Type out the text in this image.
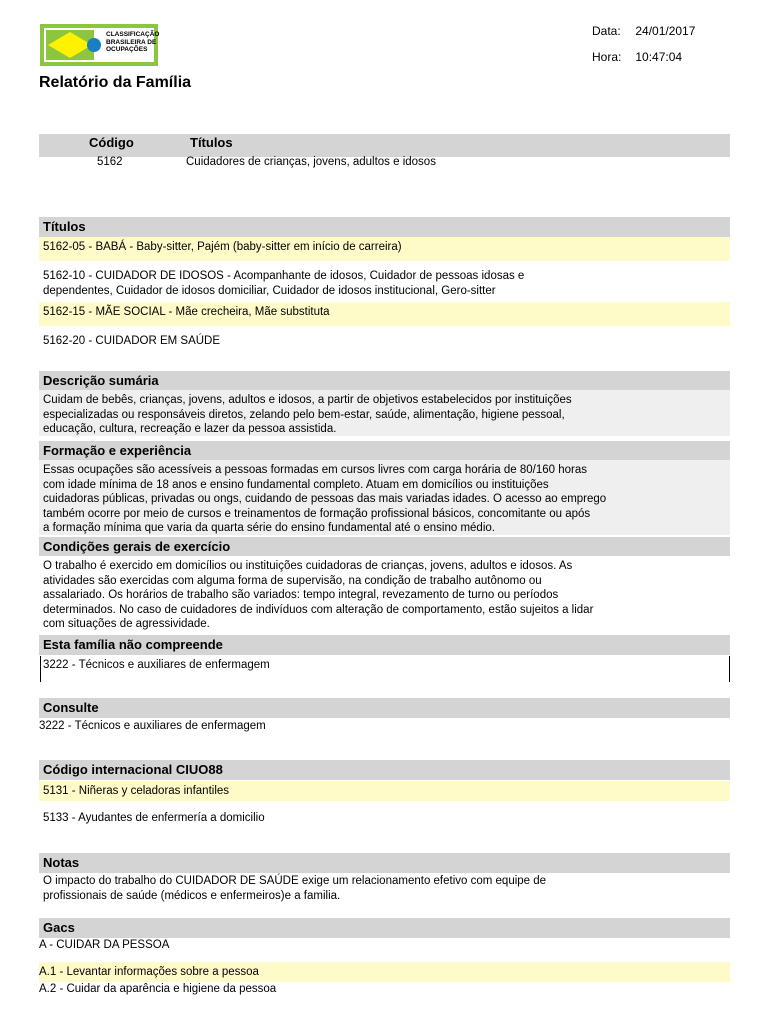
CLASSIFICAÇÃO
BRASILEIRA DE
OCUPAÇÕES
Data: 24/01/2017
Hora: 10:47:04
Relatório da Família
Código	Títulos
5162	Cuidadores de crianças, jovens, adultos e idosos
Títulos
5162-05 - BABÁ - Baby-sitter, Pajém (baby-sitter em início de carreira)
5162-10 - CUIDADOR DE IDOSOS - Acompanhante de idosos, Cuidador de pessoas idosas e
dependentes, Cuidador de idosos domiciliar, Cuidador de idosos institucional, Gero-sitter
5162-15 - MÃE SOCIAL - Mãe crecheira, Mãe substituta
5162-20 - CUIDADOR EM SAÚDE
Descrição sumária
Cuidam de bebês, crianças, jovens, adultos e idosos, a partir de objetivos estabelecidos por instituições
especializadas ou responsáveis diretos, zelando pelo bem-estar, saúde, alimentação, higiene pessoal,
educação, cultura, recreação e lazer da pessoa assistida.
Formação e experiência
Essas ocupações são acessíveis a pessoas formadas em cursos livres com carga horária de 80/160 horas
com idade mínima de 18 anos e ensino fundamental completo. Atuam em domicílios ou instituições
cuidadoras públicas, privadas ou ongs, cuidando de pessoas das mais variadas idades. O acesso ao emprego
também ocorre por meio de cursos e treinamentos de formação profissional básicos, concomitante ou após
a formação mínima que varia da quarta série do ensino fundamental até o ensino médio.
Condições gerais de exercício
O trabalho é exercido em domicílios ou instituições cuidadoras de crianças, jovens, adultos e idosos. As
atividades são exercidas com alguma forma de supervisão, na condição de trabalho autônomo ou
assalariado. Os horários de trabalho são variados: tempo integral, revezamento de turno ou períodos
determinados. No caso de cuidadores de indivíduos com alteração de comportamento, estão sujeitos a lidar
com situações de agressividade.
Esta família não compreende
3222 - Técnicos e auxiliares de enfermagem
Consulte
3222 - Técnicos e auxiliares de enfermagem
Código internacional CIUO88
5131 - Niñeras y celadoras infantiles
5133 - Ayudantes de enfermería a domicilio
Notas
O impacto do trabalho do CUIDADOR DE SAÚDE exige um relacionamento efetivo com equipe de
profissionais de saúde (médicos e enfermeiros)e a familia.
Gacs
A - CUIDAR DA PESSOA
A.1 - Levantar informações sobre a pessoa
A.2 - Cuidar da aparência e higiene da pessoa
